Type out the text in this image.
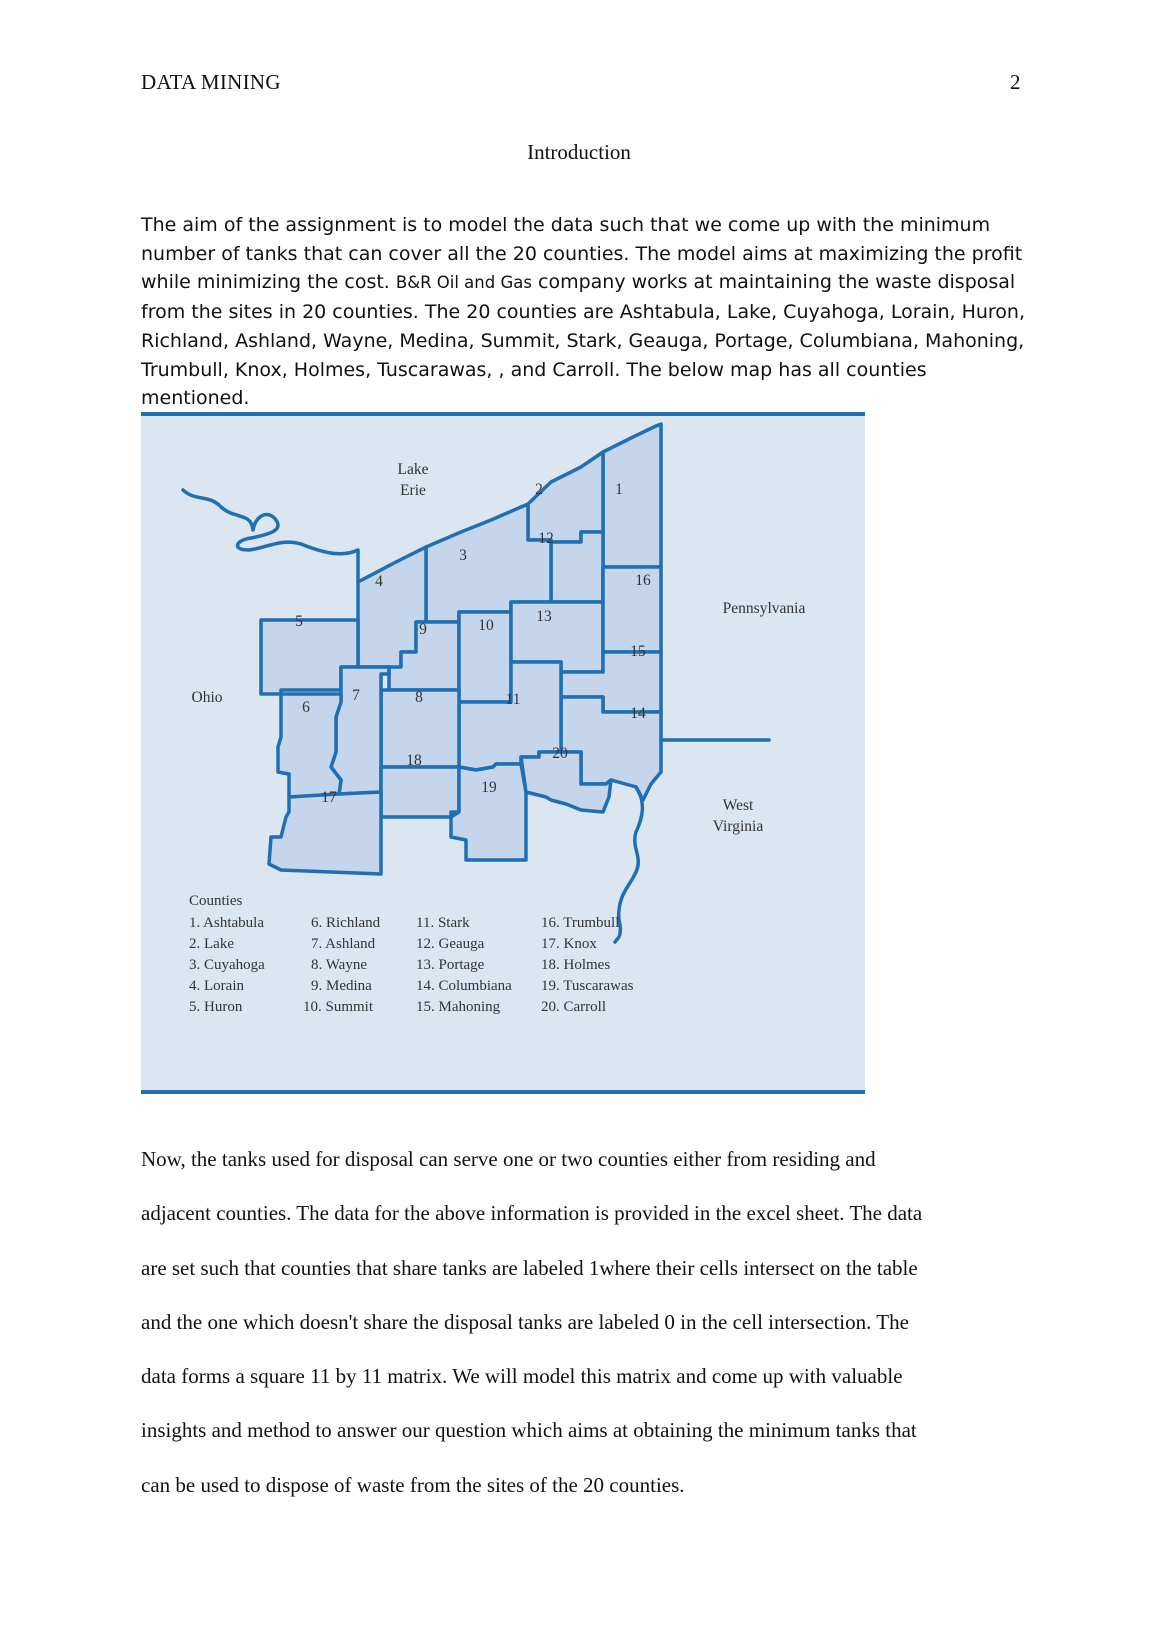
DATA MINING	2
Introduction
The aim of the assignment is to model the data such that we come up with the minimum number of tanks that can cover all the 20 counties. The model aims at maximizing the profit while minimizing the cost. B&R Oil and Gas company works at maintaining the waste disposal from the sites in 20 counties. The 20 counties are Ashtabula, Lake, Cuyahoga, Lorain, Huron, Richland, Ashland, Wayne, Medina, Summit, Stark, Geauga, Portage, Columbiana, Mahoning, Trumbull, Knox, Holmes, Tuscarawas, , and Carroll. The below map has all counties mentioned.
1
2
3
4
5
6
7	8
9	10
11
12
13
14
15
16
17
18
19
20
Lake
Erie
Ohio
Pennsylvania
West
Virginia
Counties
1. Ashtabula
2. Lake
3. Cuyahoga
4. Lorain
5. Huron
6. Richland
7. Ashland
8. Wayne
9. Medina
10. Summit
11. Stark
12. Geauga
13. Portage
14. Columbiana
15. Mahoning
16. Trumbull
17. Knox
18. Holmes
19. Tuscarawas
20. Carroll

Now, the tanks used for disposal can serve one or two counties either from residing and

adjacent counties. The data for the above information is provided in the excel sheet. The data

are set such that counties that share tanks are labeled 1where their cells intersect on the table

and the one which doesn't share the disposal tanks are labeled 0 in the cell intersection. The

data forms a square 11 by 11 matrix. We will model this matrix and come up with valuable

insights and method to answer our question which aims at obtaining the minimum tanks that

can be used to dispose of waste from the sites of the 20 counties.
